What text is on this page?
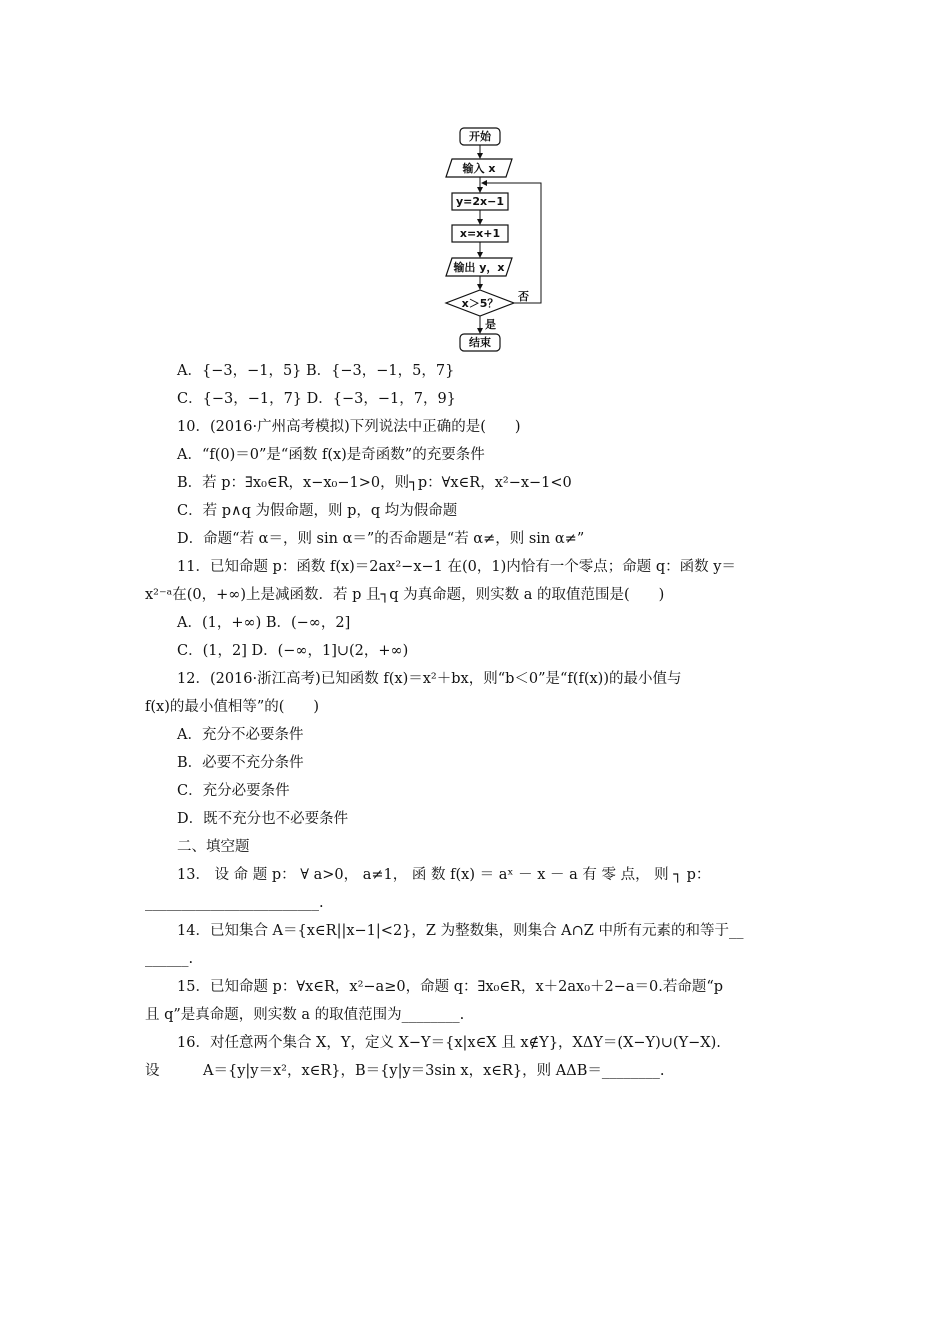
开始
输入 x
y=2x−1
x=x+1
输出 y，x
x＞5？
否
是
结束
A．{−3，−1，5} B．{−3，−1，5，7}
C．{−3，−1，7} D．{−3，−1，7，9}
10．(2016·广州高考模拟)下列说法中正确的是(　　)
A．“f(0)＝0”是“函数 f(x)是奇函数”的充要条件
B．若 p：∃x₀∈R，x−x₀−1>0，则┐p：∀x∈R，x²−x−1<0
C．若 p∧q 为假命题，则 p，q 均为假命题
D．命题“若 α＝，则 sin α＝”的否命题是“若 α≠，则 sin α≠”
11．已知命题 p：函数 f(x)＝2ax²−x−1 在(0，1)内恰有一个零点；命题 q：函数 y＝
x²⁻ᵃ在(0，+∞)上是减函数．若 p 且┐q 为真命题，则实数 a 的取值范围是(　　)
A．(1，+∞) B．(−∞，2]
C．(1，2] D．(−∞，1]∪(2，+∞)
12．(2016·浙江高考)已知函数 f(x)＝x²＋bx，则“b＜0”是“f(f(x))的最小值与
f(x)的最小值相等”的(　　)
A．充分不必要条件
B．必要不充分条件
C．充分必要条件
D．既不充分也不必要条件
二、填空题
13． 设 命 题 p： ∀ a>0， a≠1， 函 数 f(x) ＝ aˣ － x － a 有 零 点， 则 ┐ p：
________________________.
14．已知集合 A＝{x∈R||x−1|<2}，Z 为整数集，则集合 A∩Z 中所有元素的和等于__
______.
15．已知命题 p：∀x∈R，x²−a≥0，命题 q：∃x₀∈R，x＋2ax₀＋2−a＝0.若命题“p
且 q”是真命题，则实数 a 的取值范围为________.
16．对任意两个集合 X，Y，定义 X−Y＝{x|x∈X 且 x∉Y}，XΔY＝(X−Y)∪(Y−X).
设　　　A＝{y|y＝x²，x∈R}，B＝{y|y＝3sin x，x∈R}，则 AΔB＝________.
